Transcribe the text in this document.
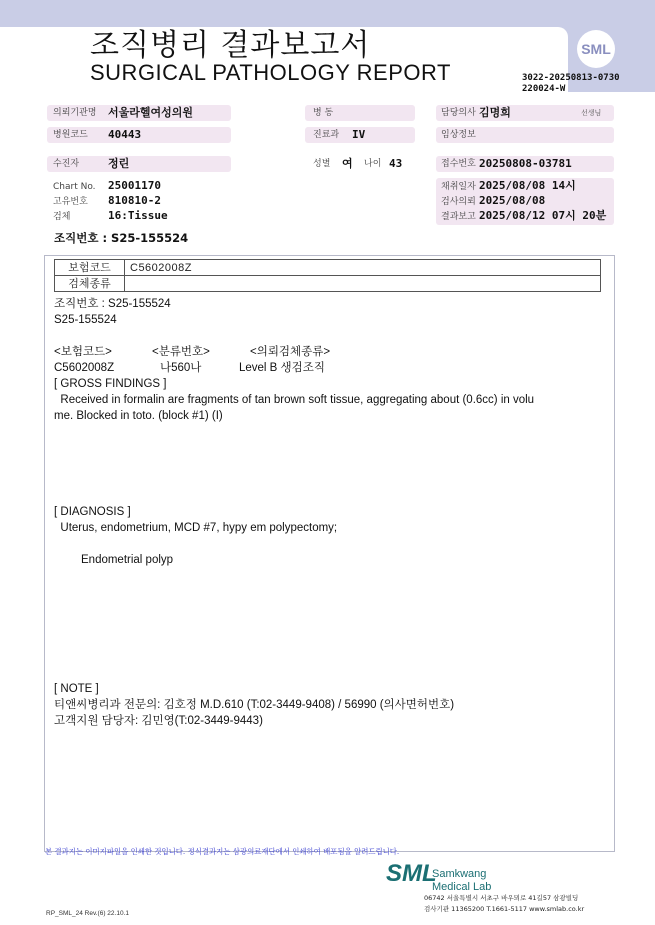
조직병리 결과보고서
SURGICAL PATHOLOGY REPORT
SML
3022-20250813-0730
220024-W
의뢰기관명 서울라헬여성의원	병 동	담당의사 김명희	선생님
병원코드 40443	진료과 IV	임상정보
수진자	정린	성별 여 나이 43	접수번호 20250808-03781
Chart No. 25001170
고유번호 810810-2
검체	16:Tissue
채취일자 2025/08/08 14시
검사의뢰 2025/08/08
결과보고 2025/08/12 07시 20분
조직번호 : S25-155524
보험코드	C5602008Z
검체종류	
조직번호 : S25-155524
S25-155524
<보험코드>	<분류번호>	<의뢰검체종류>
C5602008Z	나560나	Level B 생검조직
[ GROSS FINDINGS ]
Received in formalin are fragments of tan brown soft tissue, aggregating about (0.6cc) in volu
me. Blocked in toto. (block #1) (I)
[ DIAGNOSIS ]
Uterus, endometrium, MCD #7, hypy em polypectomy;
Endometrial polyp
[ NOTE ]
티앤씨병리과 전문의: 김호정 M.D.610 (T:02-3449-9408) / 56990 (의사면허번호)
고객지원 담당자: 김민영(T:02-3449-9443)
본 결과지는 이미지파일을 인쇄한 것입니다. 정식결과지는 삼광의료재단에서 인쇄하여 배포됨을 알려드립니다.
SML
Samkwang
Medical Lab
06742 서울특별시 서초구 바우뫼로 41길57 삼광빌딩
검사기관 11365200 T.1661-5117 www.smlab.co.kr
RP_SML_24 Rev.(6) 22.10.1
